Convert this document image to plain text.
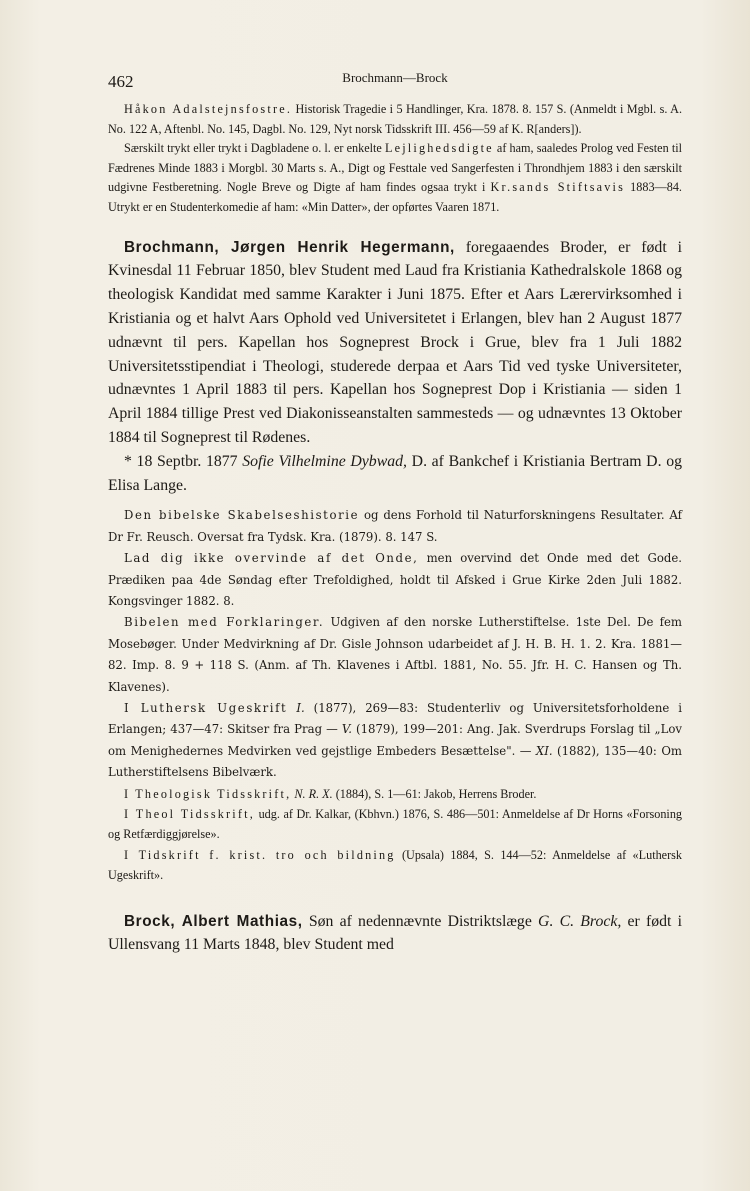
462	Brochmann—Brock

Håkon Adalstejnsfostre. Historisk Tragedie i 5 Handlinger, Kra. 1878. 8. 157 S. (Anmeldt i Mgbl. s. A. No. 122 A, Aftenbl. No. 145, Dagbl. No. 129, Nyt norsk Tidsskrift III. 456—59 af K. R[anders]).

Særskilt trykt eller trykt i Dagbladene o. l. er enkelte Lejlighedsdigte af ham, saaledes Prolog ved Festen til Fædrenes Minde 1883 i Morgbl. 30 Marts s. A., Digt og Festtale ved Sangerfesten i Throndhjem 1883 i den særskilt udgivne Festberetning. Nogle Breve og Digte af ham findes ogsaa trykt i Kr.sands Stiftsavis 1883—84. Utrykt er en Studenterkomedie af ham: «Min Datter», der opførtes Vaaren 1871.

Brochmann, Jørgen Henrik Hegermann, foregaaendes Broder, er født i Kvinesdal 11 Februar 1850, blev Student med Laud fra Kristiania Kathedralskole 1868 og theologisk Kandidat med samme Karakter i Juni 1875. Efter et Aars Lærervirksomhed i Kristiania og et halvt Aars Ophold ved Universitetet i Erlangen, blev han 2 August 1877 udnævnt til pers. Kapellan hos Sogneprest Brock i Grue, blev fra 1 Juli 1882 Universitetsstipendiat i Theologi, studerede derpaa et Aars Tid ved tyske Universiteter, udnævntes 1 April 1883 til pers. Kapellan hos Sogneprest Dop i Kristiania — siden 1 April 1884 tillige Prest ved Diakonisseanstalten sammesteds — og udnævntes 13 Oktober 1884 til Sogneprest til Rødenes.

* 18 Septbr. 1877 Sofie Vilhelmine Dybwad, D. af Bankchef i Kristiania Bertram D. og Elisa Lange.

Den bibelske Skabelseshistorie og dens Forhold til Naturforskningens Resultater. Af Dr Fr. Reusch. Oversat fra Tydsk. Kra. (1879). 8. 147 S.

Lad dig ikke overvinde af det Onde, men overvind det Onde med det Gode. Prædiken paa 4de Søndag efter Trefoldighed, holdt til Afsked i Grue Kirke 2den Juli 1882. Kongsvinger 1882. 8.

Bibelen med Forklaringer. Udgiven af den norske Lutherstiftelse. 1ste Del. De fem Mosebøger. Under Medvirkning af Dr. Gisle Johnson udarbeidet af J. H. B. H. 1. 2. Kra. 1881—82. Imp. 8. 9 + 118 S. (Anm. af Th. Klavenes i Aftbl. 1881, No. 55. Jfr. H. C. Hansen og Th. Klavenes).

I Luthersk Ugeskrift I. (1877), 269—83: Studenterliv og Universitetsforholdene i Erlangen; 437—47: Skitser fra Prag — V. (1879), 199—201: Ang. Jak. Sverdrups Forslag til „Lov om Menighedernes Medvirken ved gejstlige Embeders Besættelse". — XI. (1882), 135—40: Om Lutherstiftelsens Bibelværk.

I Theologisk Tidsskrift, N. R. X. (1884), S. 1—61: Jakob, Herrens Broder.

I Theol Tidsskrift, udg. af Dr. Kalkar, (Kbhvn.) 1876, S. 486—501: Anmeldelse af Dr Horns «Forsoning og Retfærdiggjørelse».

I Tidskrift f. krist. tro och bildning (Upsala) 1884, S. 144—52: Anmeldelse af «Luthersk Ugeskrift».

Brock, Albert Mathias, Søn af nedennævnte Distriktslæge G. C. Brock, er født i Ullensvang 11 Marts 1848, blev Student med
